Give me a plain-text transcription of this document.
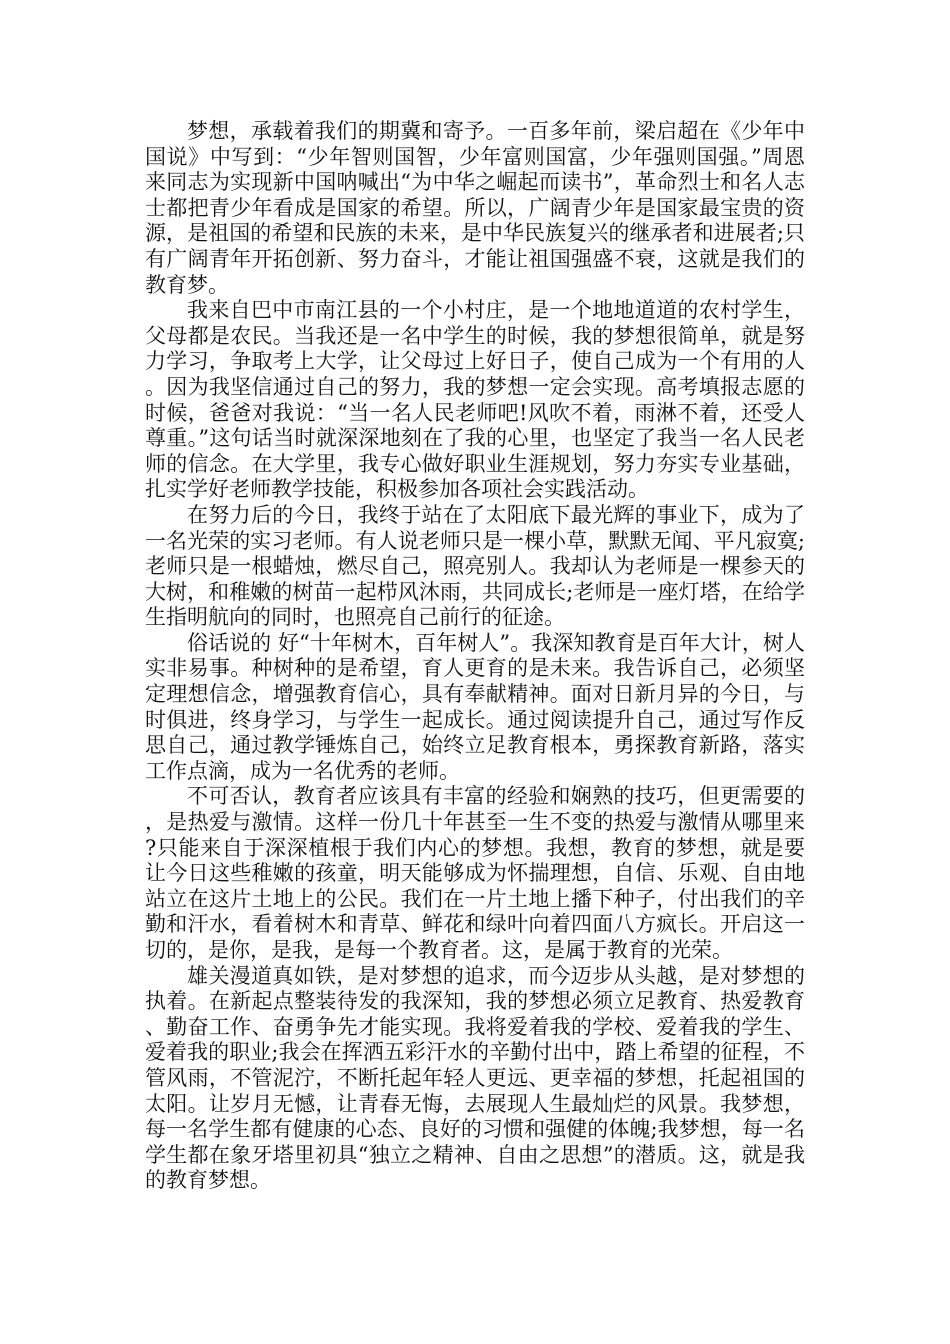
梦想，承载着我们的期冀和寄予。一百多年前，梁启超在《少年中国说》中写到：“少年智则国智，少年富则国富，少年强则国强。”周恩来同志为实现新中国呐喊出“为中华之崛起而读书”，革命烈士和名人志士都把青少年看成是国家的希望。所以，广阔青少年是国家最宝贵的资源，是祖国的希望和民族的未来，是中华民族复兴的继承者和进展者;只有广阔青年开拓创新、努力奋斗，才能让祖国强盛不衰，这就是我们的教育梦。

我来自巴中市南江县的一个小村庄，是一个地地道道的农村学生，父母都是农民。当我还是一名中学生的时候，我的梦想很简单，就是努力学习，争取考上大学，让父母过上好日子，使自己成为一个有用的人。因为我坚信通过自己的努力，我的梦想一定会实现。高考填报志愿的时候，爸爸对我说：“当一名人民老师吧!风吹不着，雨淋不着，还受人尊重。”这句话当时就深深地刻在了我的心里，也坚定了我当一名人民老师的信念。在大学里，我专心做好职业生涯规划，努力夯实专业基础，扎实学好老师教学技能，积极参加各项社会实践活动。

在努力后的今日，我终于站在了太阳底下最光辉的事业下，成为了一名光荣的实习老师。有人说老师只是一棵小草，默默无闻、平凡寂寞;老师只是一根蜡烛，燃尽自己，照亮别人。我却认为老师是一棵参天的大树，和稚嫩的树苗一起栉风沐雨，共同成长;老师是一座灯塔，在给学生指明航向的同时，也照亮自己前行的征途。

俗话说的 好“十年树木，百年树人”。我深知教育是百年大计，树人实非易事。种树种的是希望，育人更育的是未来。我告诉自己，必须坚定理想信念，增强教育信心，具有奉献精神。面对日新月异的今日，与时俱进，终身学习，与学生一起成长。通过阅读提升自己，通过写作反思自己，通过教学锤炼自己，始终立足教育根本，勇探教育新路，落实工作点滴，成为一名优秀的老师。

不可否认，教育者应该具有丰富的经验和娴熟的技巧，但更需要的，是热爱与激情。这样一份几十年甚至一生不变的热爱与激情从哪里来?只能来自于深深植根于我们内心的梦想。我想，教育的梦想，就是要让今日这些稚嫩的孩童，明天能够成为怀揣理想，自信、乐观、自由地站立在这片土地上的公民。我们在一片土地上播下种子，付出我们的辛勤和汗水，看着树木和青草、鲜花和绿叶向着四面八方疯长。开启这一切的，是你，是我，是每一个教育者。这，是属于教育的光荣。

雄关漫道真如铁，是对梦想的追求，而今迈步从头越，是对梦想的执着。在新起点整装待发的我深知，我的梦想必须立足教育、热爱教育、勤奋工作、奋勇争先才能实现。我将爱着我的学校、爱着我的学生、爱着我的职业;我会在挥洒五彩汗水的辛勤付出中，踏上希望的征程，不管风雨，不管泥泞，不断托起年轻人更远、更幸福的梦想，托起祖国的太阳。让岁月无憾，让青春无悔，去展现人生最灿烂的风景。我梦想，每一名学生都有健康的心态、良好的习惯和强健的体魄;我梦想，每一名学生都在象牙塔里初具“独立之精神、自由之思想”的潜质。这，就是我的教育梦想。
